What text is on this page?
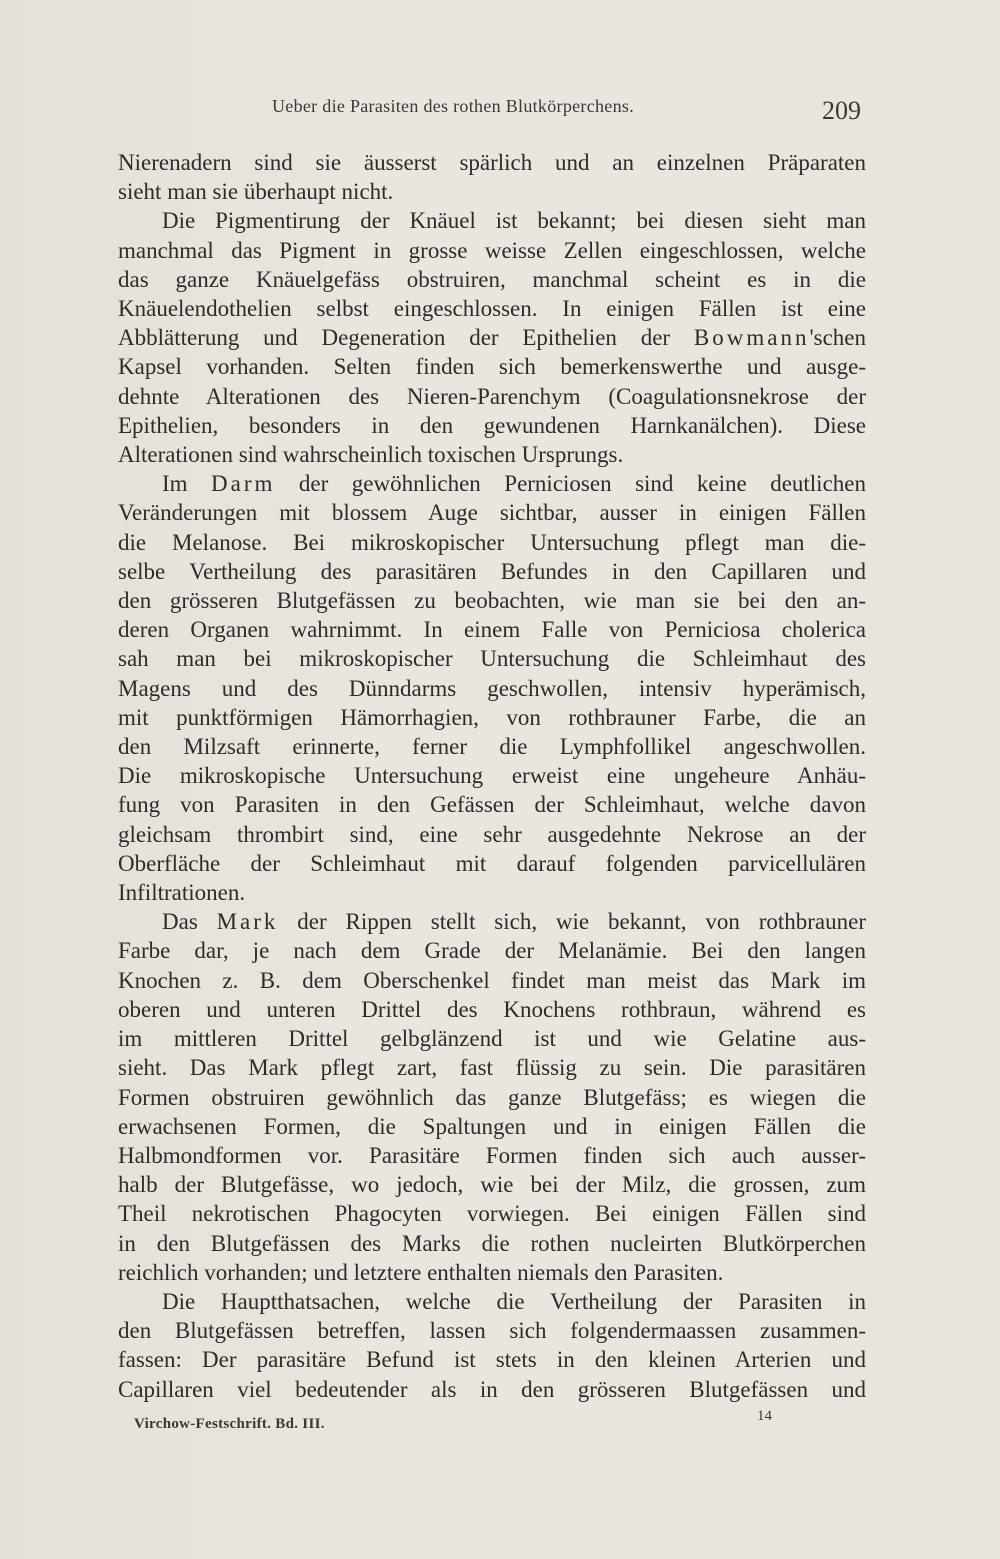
Ueber die Parasiten des rothen Blutkörperchens.	209
Nierenadern sind sie äusserst spärlich und an einzelnen Präparaten
sieht man sie überhaupt nicht.
Die Pigmentirung der Knäuel ist bekannt; bei diesen sieht man
manchmal das Pigment in grosse weisse Zellen eingeschlossen, welche
das ganze Knäuelgefäss obstruiren, manchmal scheint es in die
Knäuelendothelien selbst eingeschlossen. In einigen Fällen ist eine
Abblätterung und Degeneration der Epithelien der Bowmann'schen
Kapsel vorhanden. Selten finden sich bemerkenswerthe und ausge-
dehnte Alterationen des Nieren-Parenchym (Coagulationsnekrose der
Epithelien, besonders in den gewundenen Harnkanälchen). Diese
Alterationen sind wahrscheinlich toxischen Ursprungs.
Im Darm der gewöhnlichen Perniciosen sind keine deutlichen
Veränderungen mit blossem Auge sichtbar, ausser in einigen Fällen
die Melanose. Bei mikroskopischer Untersuchung pflegt man die-
selbe Vertheilung des parasitären Befundes in den Capillaren und
den grösseren Blutgefässen zu beobachten, wie man sie bei den an-
deren Organen wahrnimmt. In einem Falle von Perniciosa cholerica
sah man bei mikroskopischer Untersuchung die Schleimhaut des
Magens und des Dünndarms geschwollen, intensiv hyperämisch,
mit punktförmigen Hämorrhagien, von rothbrauner Farbe, die an
den Milzsaft erinnerte, ferner die Lymphfollikel angeschwollen.
Die mikroskopische Untersuchung erweist eine ungeheure Anhäu-
fung von Parasiten in den Gefässen der Schleimhaut, welche davon
gleichsam thrombirt sind, eine sehr ausgedehnte Nekrose an der
Oberfläche der Schleimhaut mit darauf folgenden parvicellulären
Infiltrationen.
Das Mark der Rippen stellt sich, wie bekannt, von rothbrauner
Farbe dar, je nach dem Grade der Melanämie. Bei den langen
Knochen z. B. dem Oberschenkel findet man meist das Mark im
oberen und unteren Drittel des Knochens rothbraun, während es
im mittleren Drittel gelbglänzend ist und wie Gelatine aus-
sieht. Das Mark pflegt zart, fast flüssig zu sein. Die parasitären
Formen obstruiren gewöhnlich das ganze Blutgefäss; es wiegen die
erwachsenen Formen, die Spaltungen und in einigen Fällen die
Halbmondformen vor. Parasitäre Formen finden sich auch ausser-
halb der Blutgefässe, wo jedoch, wie bei der Milz, die grossen, zum
Theil nekrotischen Phagocyten vorwiegen. Bei einigen Fällen sind
in den Blutgefässen des Marks die rothen nucleirten Blutkörperchen
reichlich vorhanden; und letztere enthalten niemals den Parasiten.
Die Hauptthatsachen, welche die Vertheilung der Parasiten in
den Blutgefässen betreffen, lassen sich folgendermaassen zusammen-
fassen: Der parasitäre Befund ist stets in den kleinen Arterien und
Capillaren viel bedeutender als in den grösseren Blutgefässen und
Virchow-Festschrift. Bd. III.	14
